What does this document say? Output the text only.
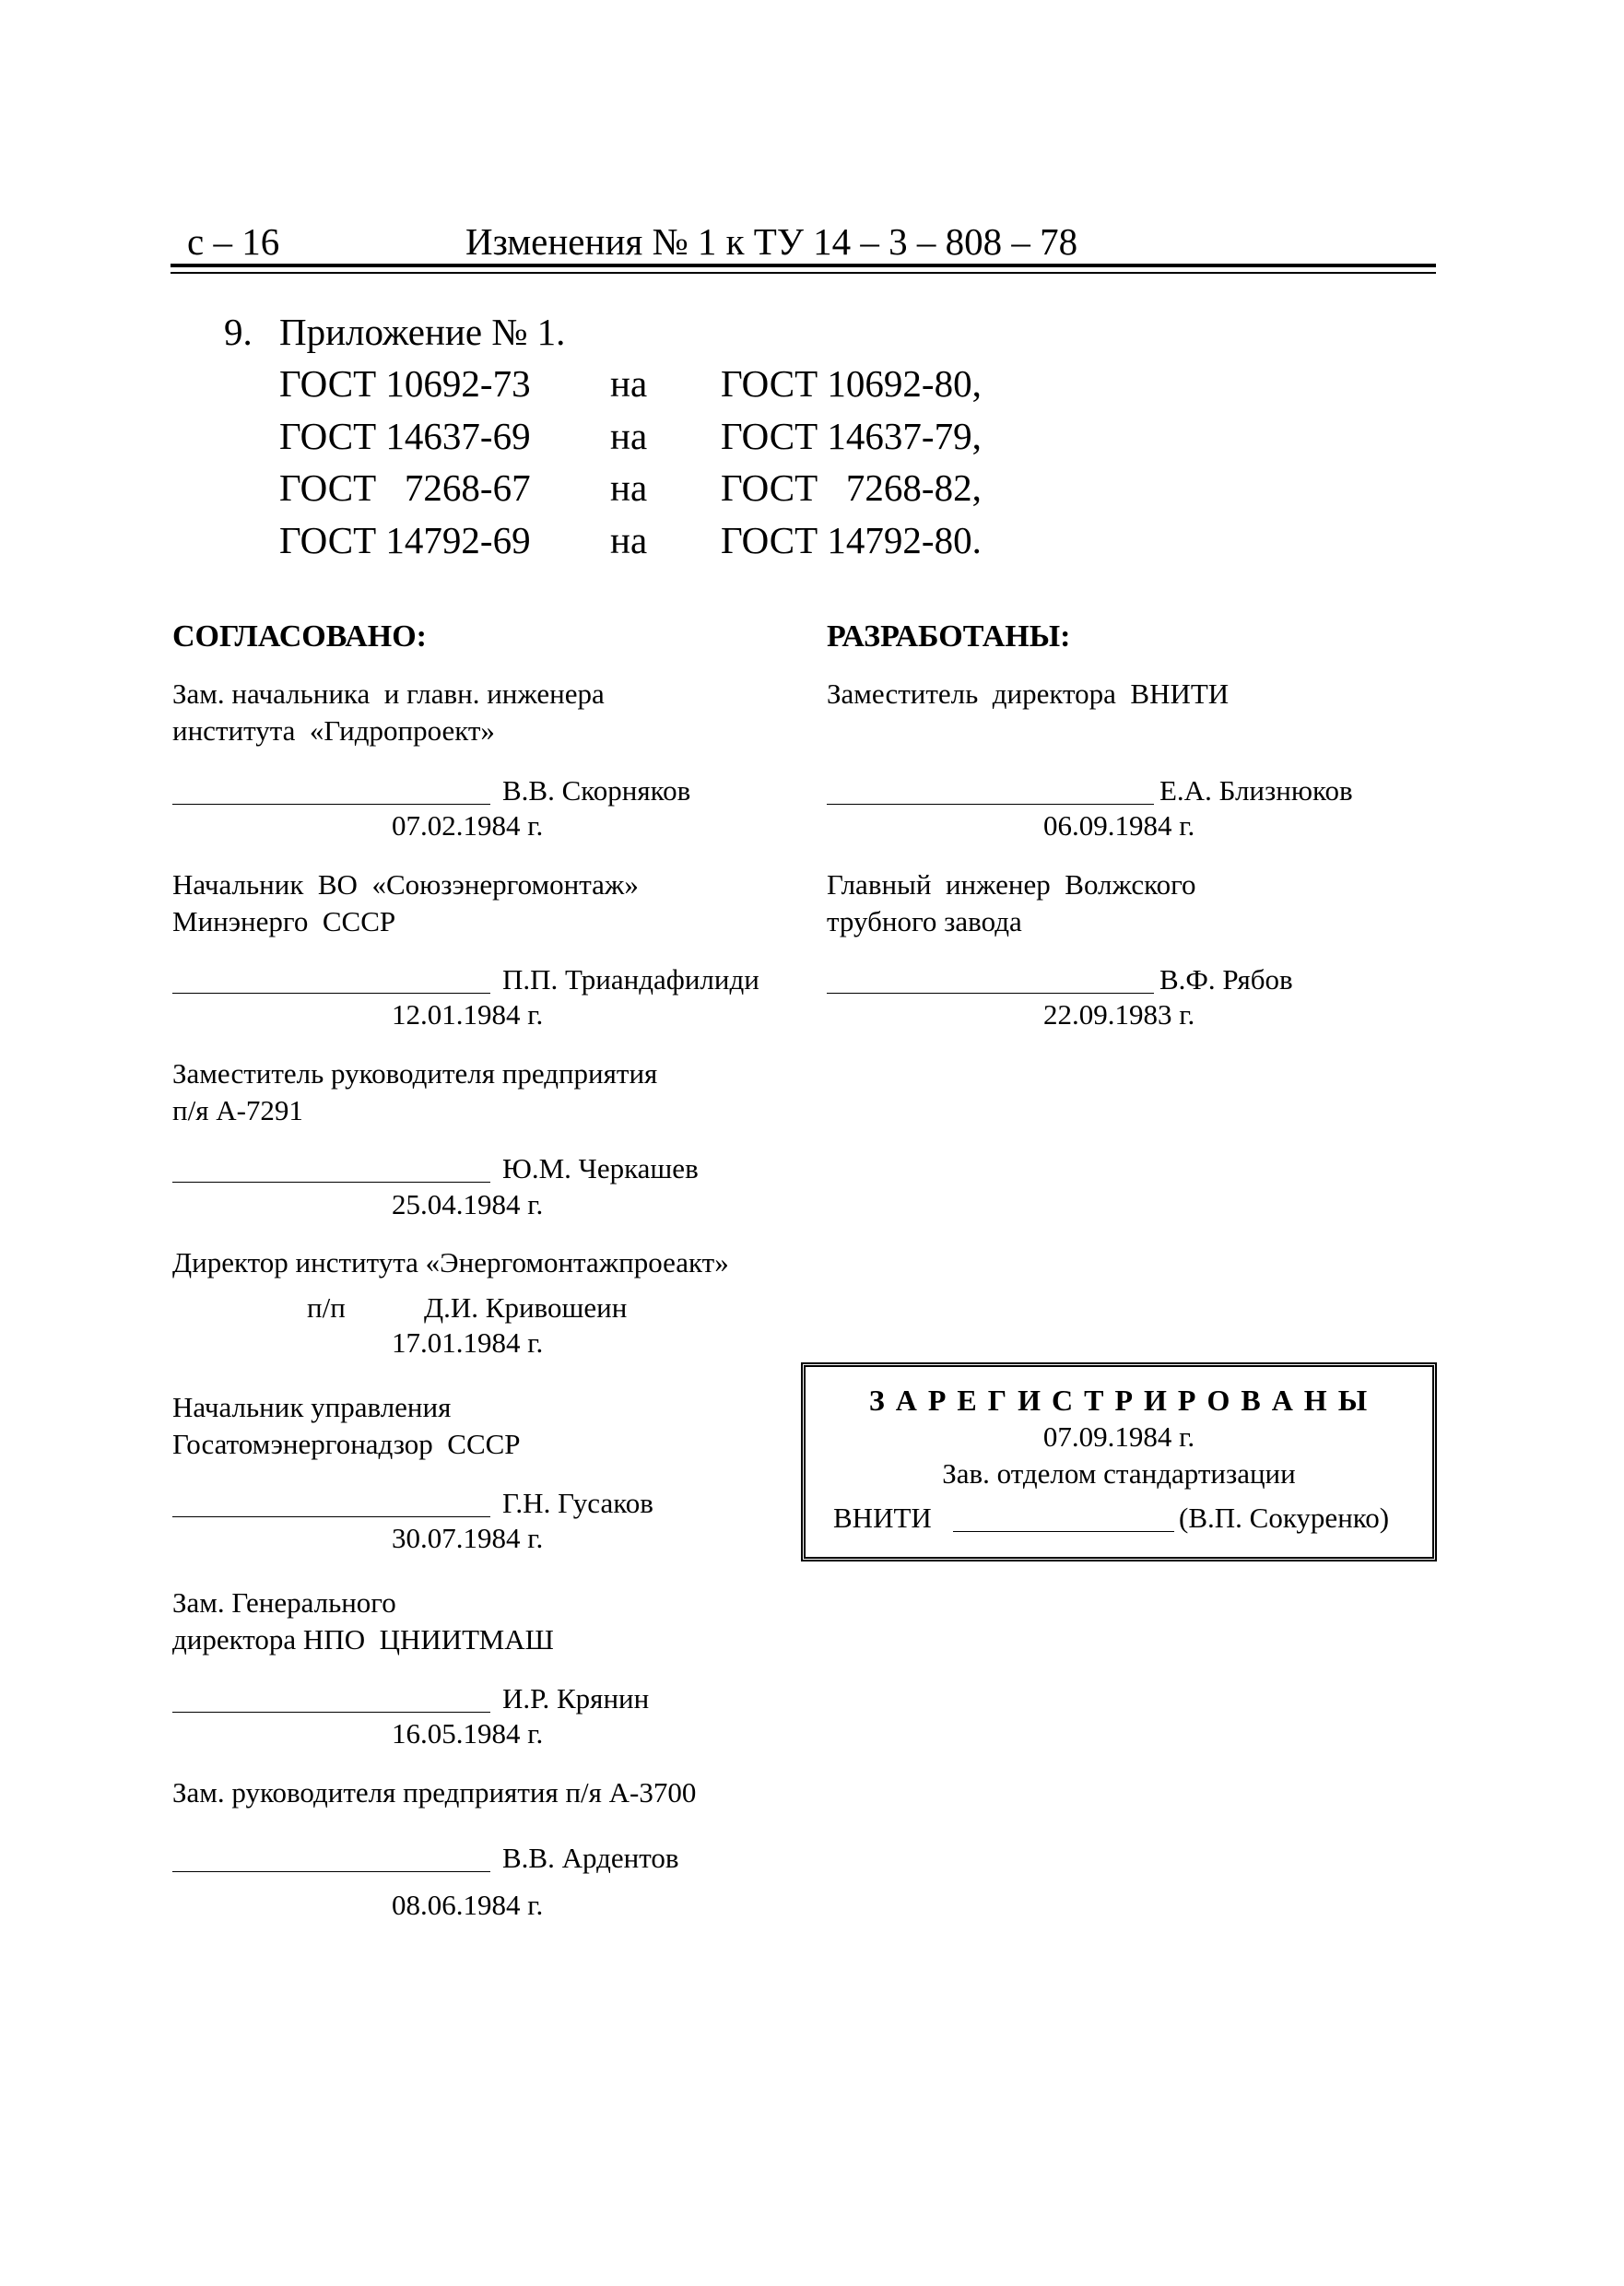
с – 16	Изменения № 1 к ТУ 14 – 3 – 808 – 78
9. Приложение № 1.
ГОСТ 10692-73 на ГОСТ 10692-80,
ГОСТ 14637-69 на ГОСТ 14637-79,
ГОСТ   7268-67 на ГОСТ   7268-82,
ГОСТ 14792-69 на ГОСТ 14792-80.
СОГЛАСОВАНО:
Зам. начальника  и главн. инженера
института  «Гидропроект»
В.В. Скорняков
07.02.1984 г.
Начальник  ВО  «Союзэнергомонтаж»
Минэнерго  СССР
П.П. Триандафилиди
12.01.1984 г.
Заместитель руководителя предприятия
п/я А-7291
Ю.М. Черкашев
25.04.1984 г.
Директор института «Энергомонтажпроеакт»
п/п	Д.И. Кривошеин
17.01.1984 г.
Начальник управления
Госатомэнергонадзор  СССР
Г.Н. Гусаков
30.07.1984 г.
Зам. Генерального
директора НПО  ЦНИИТМАШ
И.Р. Крянин
16.05.1984 г.
Зам. руководителя предприятия п/я А-3700
В.В. Ардентов
08.06.1984 г.
РАЗРАБОТАНЫ:
Заместитель  директора  ВНИТИ
Е.А. Близнюков
06.09.1984 г.
Главный  инженер  Волжского
трубного завода
В.Ф. Рябов
22.09.1983 г.
З А Р Е Г И С Т Р И Р О В А Н Ы
07.09.1984 г.
Зав. отделом стандартизации
ВНИТИ	(В.П. Сокуренко)
